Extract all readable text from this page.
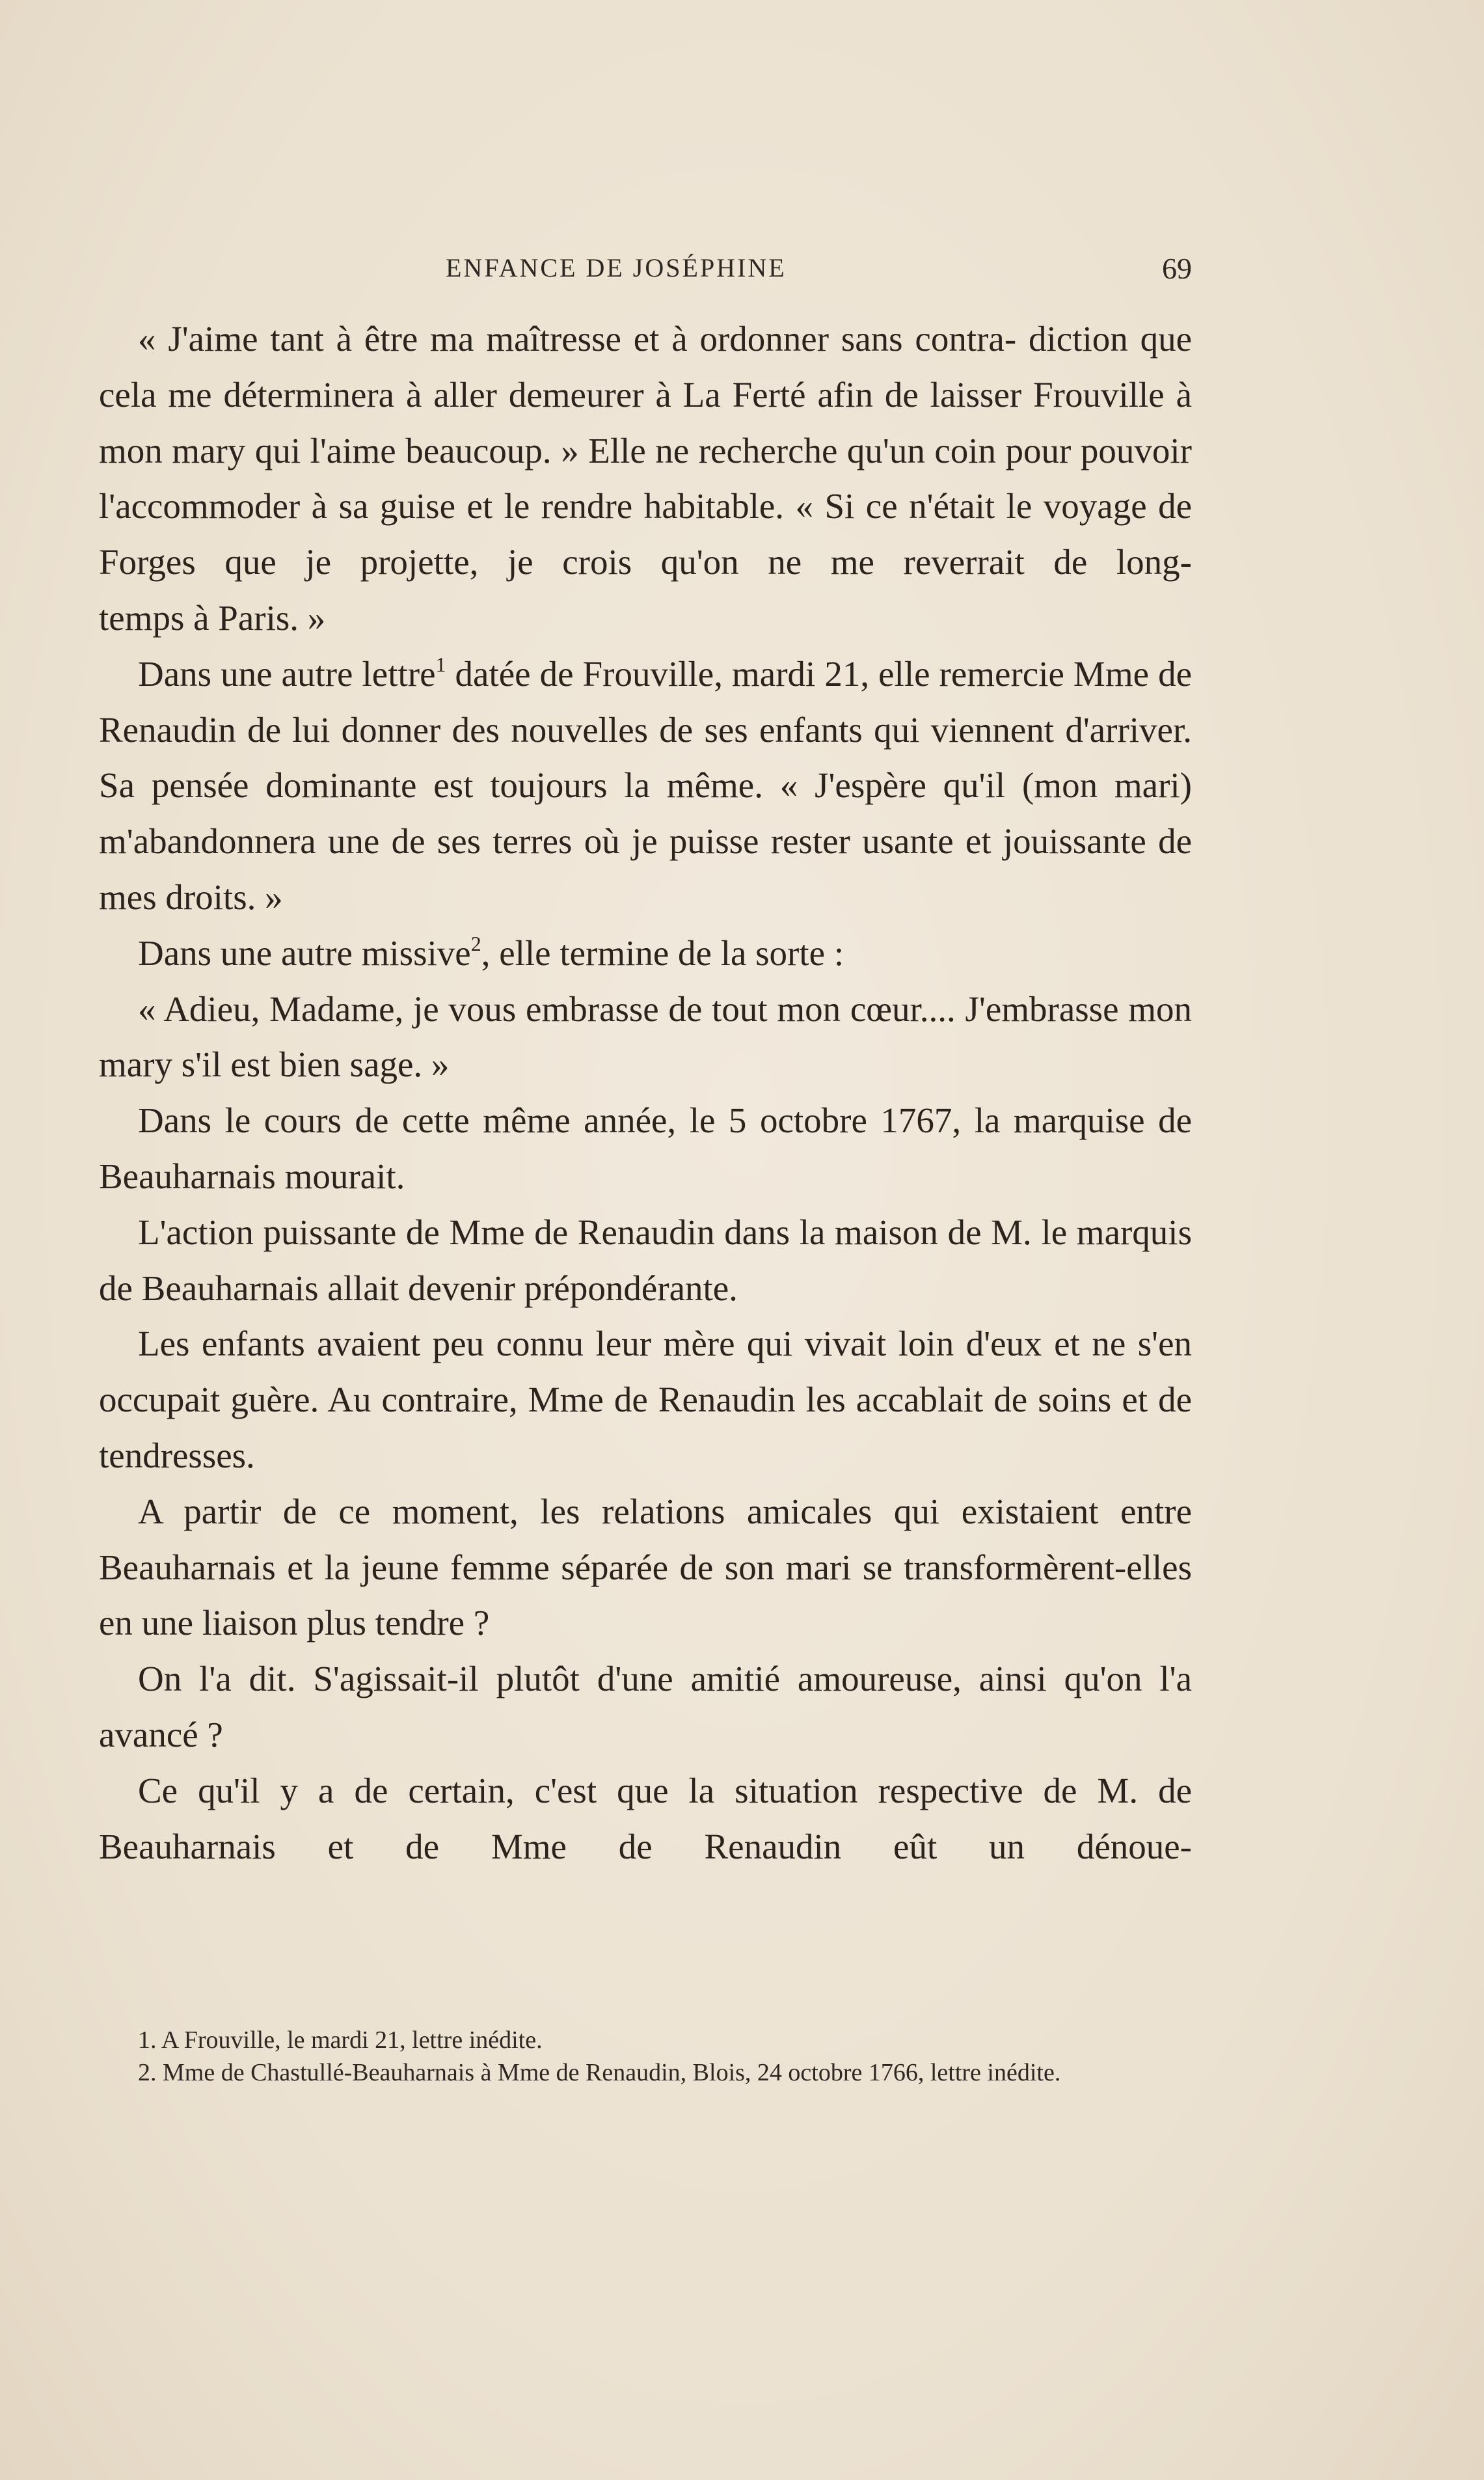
ENFANCE DE JOSÉPHINE	69

« J'aime tant à être ma maîtresse et à ordonner sans contra- diction que cela me déterminera à aller demeurer à La Ferté afin de laisser Frouville à mon mary qui l'aime beaucoup. » Elle ne recherche qu'un coin pour pouvoir l'accommoder à sa guise et le rendre habitable. « Si ce n'était le voyage de Forges que je projette, je crois qu'on ne me reverrait de long-

temps à Paris. »

Dans une autre lettre$^1$ datée de Frouville, mardi 21, elle remercie Mme de Renaudin de lui donner des nouvelles de ses enfants qui viennent d'arriver. Sa pensée dominante est toujours la même. « J'espère qu'il (mon mari) m'abandonnera une de ses terres où je puisse rester usante et jouissante de mes droits. »

Dans une autre missive$^2$, elle termine de la sorte :

« Adieu, Madame, je vous embrasse de tout mon cœur.... J'embrasse mon mary s'il est bien sage. »

Dans le cours de cette même année, le 5 octobre 1767, la marquise de Beauharnais mourait.

L'action puissante de Mme de Renaudin dans la maison de M. le marquis de Beauharnais allait devenir prépondérante.

Les enfants avaient peu connu leur mère qui vivait loin d'eux et ne s'en occupait guère. Au contraire, Mme de Renaudin les accablait de soins et de tendresses.

A partir de ce moment, les relations amicales qui existaient entre Beauharnais et la jeune femme séparée de son mari se transformèrent-elles en une liaison plus tendre ?

On l'a dit. S'agissait-il plutôt d'une amitié amoureuse, ainsi qu'on l'a avancé ?

Ce qu'il y a de certain, c'est que la situation respective de M. de Beauharnais et de Mme de Renaudin eût un dénoue-

1. A Frouville, le mardi 21, lettre inédite.

2. Mme de Chastullé-Beauharnais à Mme de Renaudin, Blois, 24 octobre 1766, lettre inédite.
